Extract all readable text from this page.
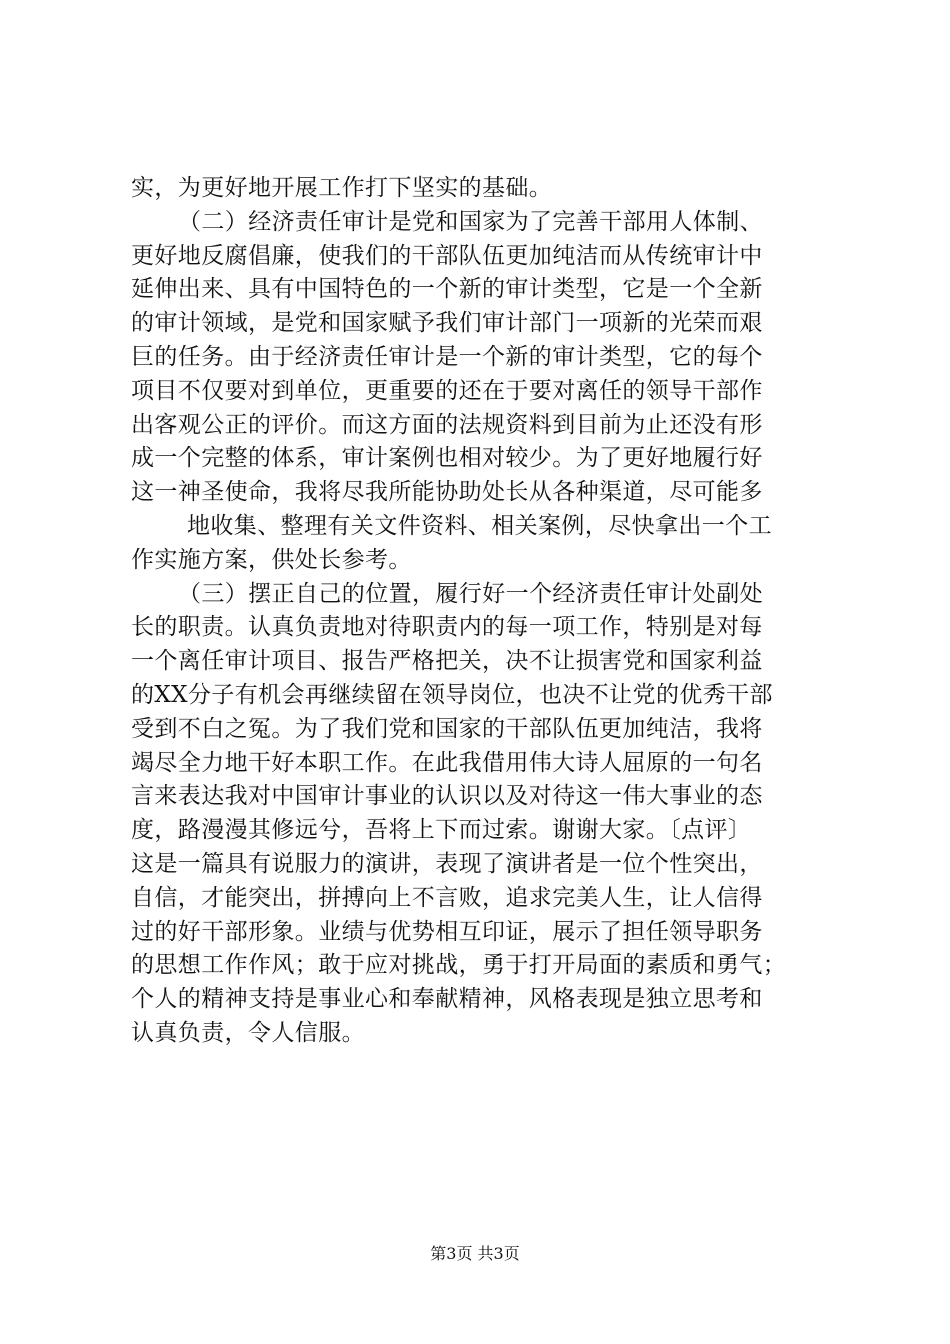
实，为更好地开展工作打下坚实的基础。
（二）经济责任审计是党和国家为了完善干部用人体制、
更好地反腐倡廉，使我们的干部队伍更加纯洁而从传统审计中
延伸出来、具有中国特色的一个新的审计类型，它是一个全新
的审计领域，是党和国家赋予我们审计部门一项新的光荣而艰
巨的任务。由于经济责任审计是一个新的审计类型，它的每个
项目不仅要对到单位，更重要的还在于要对离任的领导干部作
出客观公正的评价。而这方面的法规资料到目前为止还没有形
成一个完整的体系，审计案例也相对较少。为了更好地履行好
这一神圣使命，我将尽我所能协助处长从各种渠道，尽可能多
地收集、整理有关文件资料、相关案例，尽快拿出一个工
作实施方案，供处长参考。
（三）摆正自己的位置，履行好一个经济责任审计处副处
长的职责。认真负责地对待职责内的每一项工作，特别是对每
一个离任审计项目、报告严格把关，决不让损害党和国家利益
的XX分子有机会再继续留在领导岗位，也决不让党的优秀干部
受到不白之冤。为了我们党和国家的干部队伍更加纯洁，我将
竭尽全力地干好本职工作。在此我借用伟大诗人屈原的一句名
言来表达我对中国审计事业的认识以及对待这一伟大事业的态
度，路漫漫其修远兮，吾将上下而过索。谢谢大家。〔点评〕
这是一篇具有说服力的演讲，表现了演讲者是一位个性突出，
自信，才能突出，拼搏向上不言败，追求完美人生，让人信得
过的好干部形象。业绩与优势相互印证，展示了担任领导职务
的思想工作作风；敢于应对挑战，勇于打开局面的素质和勇气；
个人的精神支持是事业心和奉献精神，风格表现是独立思考和
认真负责，令人信服。
第3页 共3页
